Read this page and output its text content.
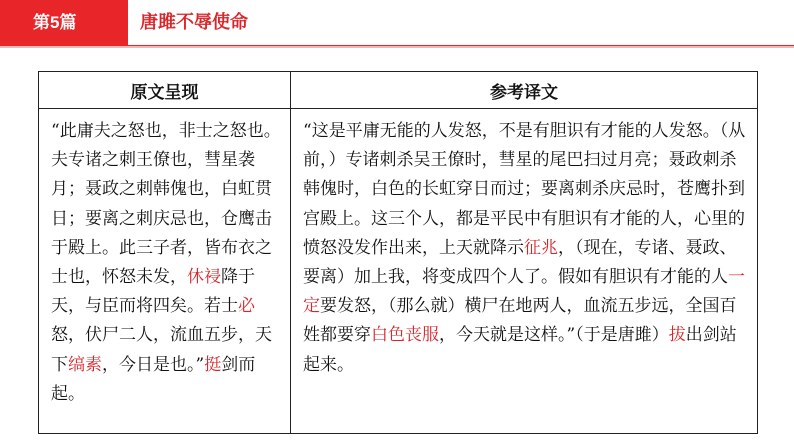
第5篇	唐雎不辱使命
原文呈现	参考译文
“此庸夫之怒也，非士之怒也。夫专诸之刺王僚也，彗星袭月；聂政之刺韩傀也，白虹贯日；要离之刺庆忌也，仓鹰击于殿上。此三子者，皆布衣之士也，怀怒未发，休祲降于天，与臣而将四矣。若士必怒，伏尸二人，流血五步，天下缟素，今日是也。”挺剑而起。	“这是平庸无能的人发怒，不是有胆识有才能的人发怒。（从前，）专诸刺杀吴王僚时，彗星的尾巴扫过月亮；聂政刺杀韩傀时，白色的长虹穿日而过；要离刺杀庆忌时，苍鹰扑到宫殿上。这三个人，都是平民中有胆识有才能的人，心里的愤怒没发作出来，上天就降示征兆，（现在，专诸、聂政、要离）加上我，将变成四个人了。假如有胆识有才能的人一定要发怒，（那么就）横尸在地两人，血流五步远，全国百姓都要穿白色丧服，今天就是这样。”（于是唐雎）拔出剑站起来。
